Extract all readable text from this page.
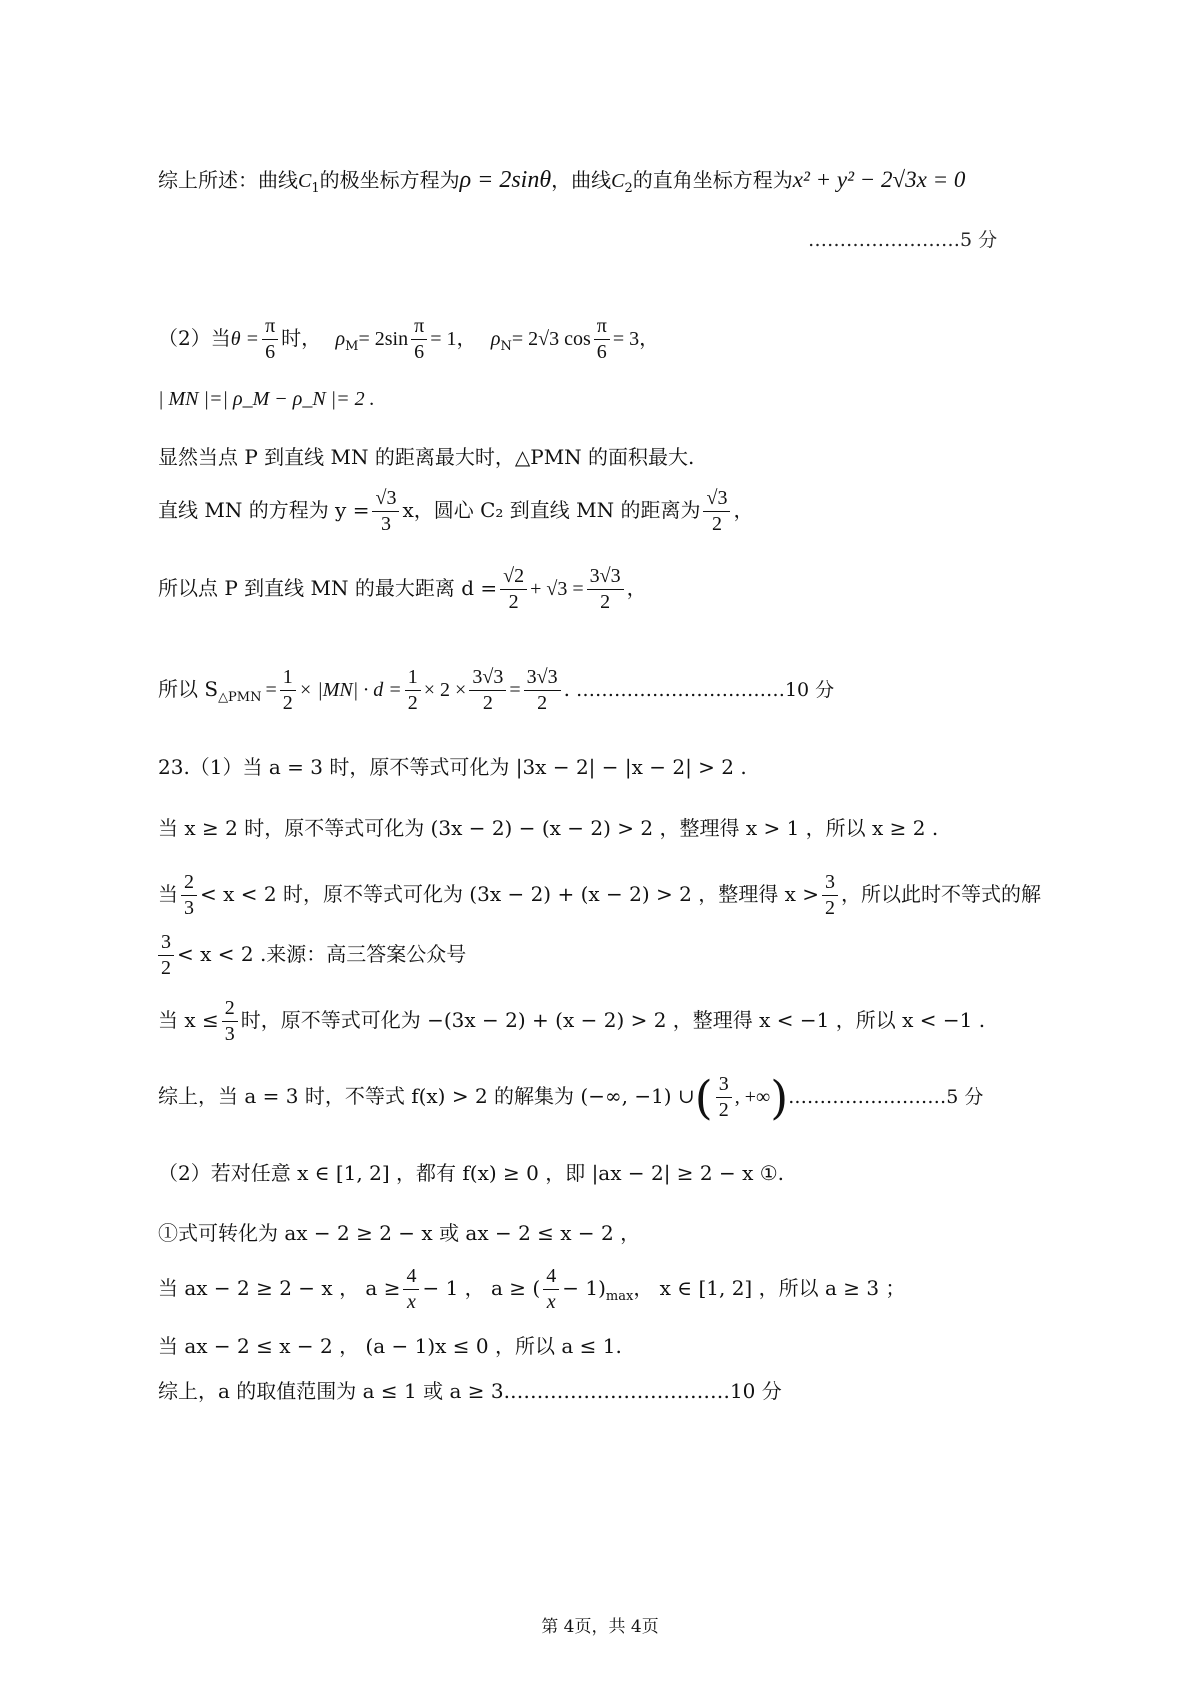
综上所述：曲线$C_1$的极坐标方程为ρ = 2sinθ，曲线$C_2$的直角坐标方程为x² + y² − 2√3x = 0
……………………5 分
（2）当$\theta = \frac{\pi}{6}$ 时， $\rho_M= 2\sin \frac{\pi}{6} = 1$， $\rho_N= 2√3$ $\cos \frac{\pi}{6} = 3$，
| MN |=| ρ_M − ρ_N |= 2 .
显然当点 P 到直线 MN 的距离最大时，△PMN 的面积最大.
直线 MN 的方程为 $y = \frac{√3}{3}$ x，圆心 C₂ 到直线 MN 的距离为 $\frac{√3}{2}$ ，
所以点 P 到直线 MN 的最大距离 $d = \frac{√2}{2} + √3 = \frac{3√3}{2}$ ，
所以 $S_{\triangle PMN} = \frac{1}{2} \times |MN| \cdot d = \frac{1}{2} \times 2 \times \frac{3√3}{2} = \frac{3√3}{2}$ . ……………………………10 分
23.（1）当 a = 3 时，原不等式可化为 |3x − 2| − |x − 2| > 2 .
当 x ≥ 2 时，原不等式可化为 (3x − 2) − (x − 2) > 2 ，整理得 x > 1 ，所以 x ≥ 2 .
当 $\frac{2}{3} < x < 2$ 时，原不等式可化为 (3x − 2) + (x − 2) > 2 ，整理得 $x > \frac{3}{2}$ ，所以此时不等式的解
$\frac{3}{2} < x < 2$ .来源：高三答案公众号
当 $x \le \frac{2}{3}$ 时，原不等式可化为 −(3x − 2) + (x − 2) > 2 ，整理得 x < −1 ，所以 x < −1 .
综上，当 a = 3 时，不等式 f(x) > 2 的解集为 (−∞, −1) ∪( $\frac{3}{2}$ , +∞).……………………5 分
（2）若对任意 x ∈ [1, 2] ，都有 f(x) ≥ 0 ，即 |ax − 2| ≥ 2 − x ①.
①式可转化为 ax − 2 ≥ 2 − x 或 ax − 2 ≤ x − 2 ，
当 ax − 2 ≥ 2 − x ， $a \ge \frac{4}{x} - 1$ ， a ≥ ( $\frac{4}{x} - 1)_{max}$， x ∈ [1, 2] ，所以 a ≥ 3 ；
当 ax − 2 ≤ x − 2 ， (a − 1)x ≤ 0 ，所以 a ≤ 1.
综上，a 的取值范围为 a ≤ 1 或 a ≥ 3.……………………………10 分
第 4页，共 4页
